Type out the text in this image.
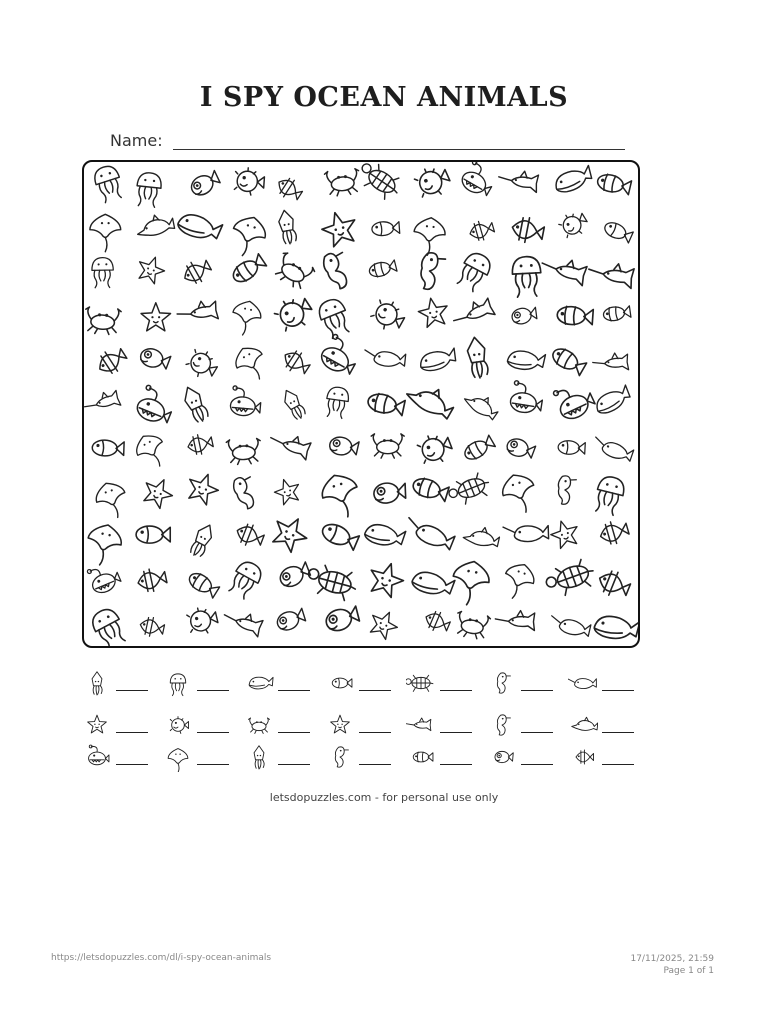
I SPY OCEAN ANIMALS
Name:
letsdopuzzles.com - for personal use only
https://letsdopuzzles.com/dl/i-spy-ocean-animals	17/11/2025, 21:59
Page 1 of 1
